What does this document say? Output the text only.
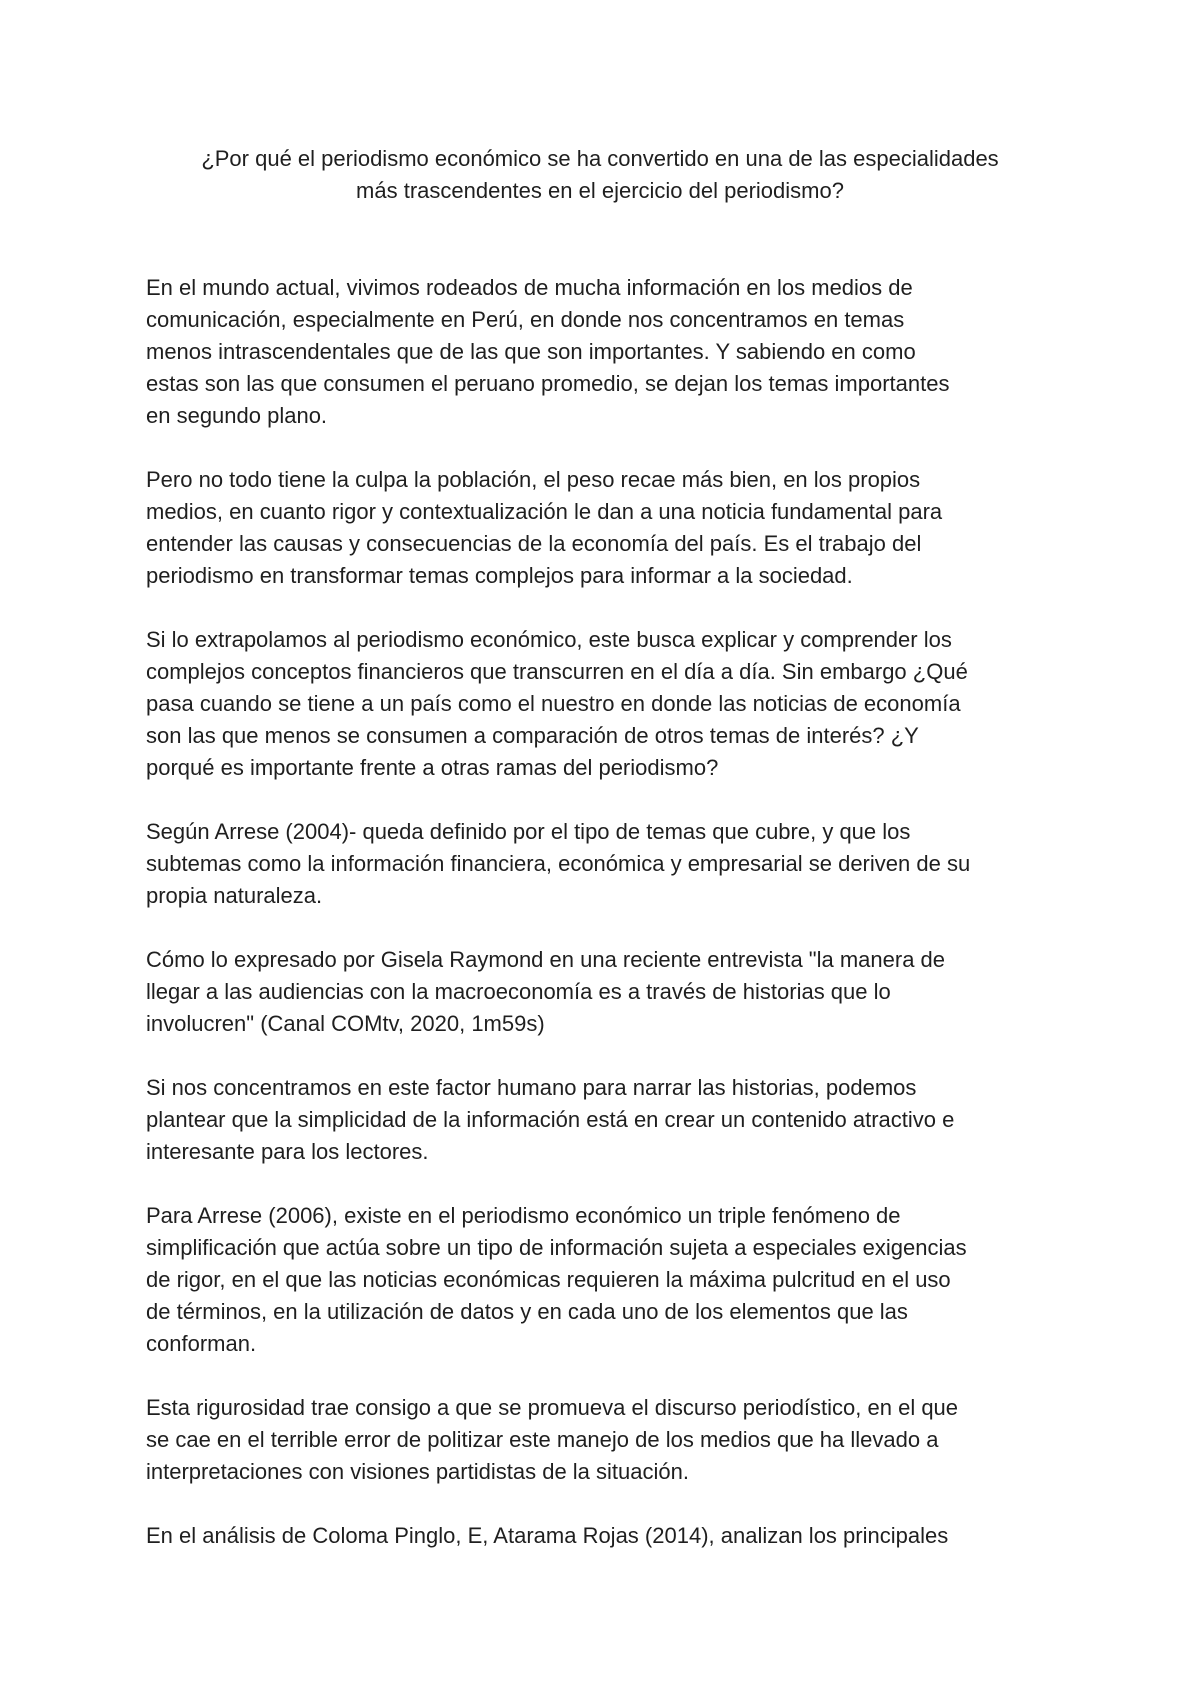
¿Por qué el periodismo económico se ha convertido en una de las especialidades
más trascendentes en el ejercicio del periodismo?

En el mundo actual, vivimos rodeados de mucha información en los medios de
comunicación, especialmente en Perú, en donde nos concentramos en temas
menos intrascendentales que de las que son importantes. Y sabiendo en como
estas son las que consumen el peruano promedio, se dejan los temas importantes
en segundo plano.

Pero no todo tiene la culpa la población, el peso recae más bien, en los propios
medios, en cuanto rigor y contextualización le dan a una noticia fundamental para
entender las causas y consecuencias de la economía del país. Es el trabajo del
periodismo en transformar temas complejos para informar a la sociedad.

Si lo extrapolamos al periodismo económico, este busca explicar y comprender los
complejos conceptos financieros que transcurren en el día a día. Sin embargo ¿Qué
pasa cuando se tiene a un país como el nuestro en donde las noticias de economía
son las que menos se consumen a comparación de otros temas de interés? ¿Y
porqué es importante frente a otras ramas del periodismo?

Según Arrese (2004)- queda definido por el tipo de temas que cubre, y que los
subtemas como la información financiera, económica y empresarial se deriven de su
propia naturaleza.

Cómo lo expresado por Gisela Raymond en una reciente entrevista "la manera de
llegar a las audiencias con la macroeconomía es a través de historias que lo
involucren" (Canal COMtv, 2020, 1m59s)

Si nos concentramos en este factor humano para narrar las historias, podemos
plantear que la simplicidad de la información está en crear un contenido atractivo e
interesante para los lectores.

Para Arrese (2006), existe en el periodismo económico un triple fenómeno de
simplificación que actúa sobre un tipo de información sujeta a especiales exigencias
de rigor, en el que las noticias económicas requieren la máxima pulcritud en el uso
de términos, en la utilización de datos y en cada uno de los elementos que las
conforman.

Esta rigurosidad trae consigo a que se promueva el discurso periodístico, en el que
se cae en el terrible error de politizar este manejo de los medios que ha llevado a
interpretaciones con visiones partidistas de la situación.

En el análisis de Coloma Pinglo, E, Atarama Rojas (2014), analizan los principales
